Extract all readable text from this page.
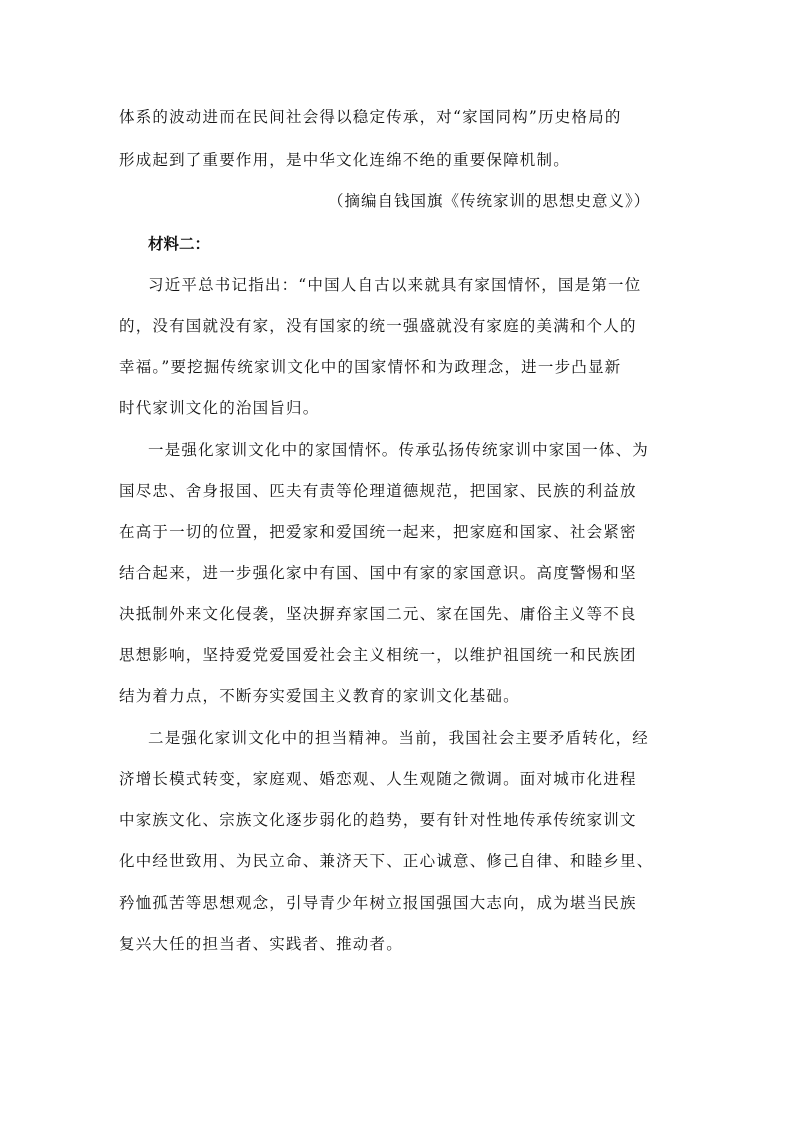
体系的波动进而在民间社会得以稳定传承，对“家国同构”历史格局的
形成起到了重要作用，是中华文化连绵不绝的重要保障机制。
（摘编自钱国旗《传统家训的思想史意义》）
材料二：
习近平总书记指出：“中国人自古以来就具有家国情怀，国是第一位
的，没有国就没有家，没有国家的统一强盛就没有家庭的美满和个人的
幸福。”要挖掘传统家训文化中的国家情怀和为政理念，进一步凸显新
时代家训文化的治国旨归。
一是强化家训文化中的家国情怀。传承弘扬传统家训中家国一体、为
国尽忠、舍身报国、匹夫有责等伦理道德规范，把国家、民族的利益放
在高于一切的位置，把爱家和爱国统一起来，把家庭和国家、社会紧密
结合起来，进一步强化家中有国、国中有家的家国意识。高度警惕和坚
决抵制外来文化侵袭，坚决摒弃家国二元、家在国先、庸俗主义等不良
思想影响，坚持爱党爱国爱社会主义相统一，以维护祖国统一和民族团
结为着力点，不断夯实爱国主义教育的家训文化基础。
二是强化家训文化中的担当精神。当前，我国社会主要矛盾转化，经
济增长模式转变，家庭观、婚恋观、人生观随之微调。面对城市化进程
中家族文化、宗族文化逐步弱化的趋势，要有针对性地传承传统家训文
化中经世致用、为民立命、兼济天下、正心诚意、修己自律、和睦乡里、
矜恤孤苦等思想观念，引导青少年树立报国强国大志向，成为堪当民族
复兴大任的担当者、实践者、推动者。
